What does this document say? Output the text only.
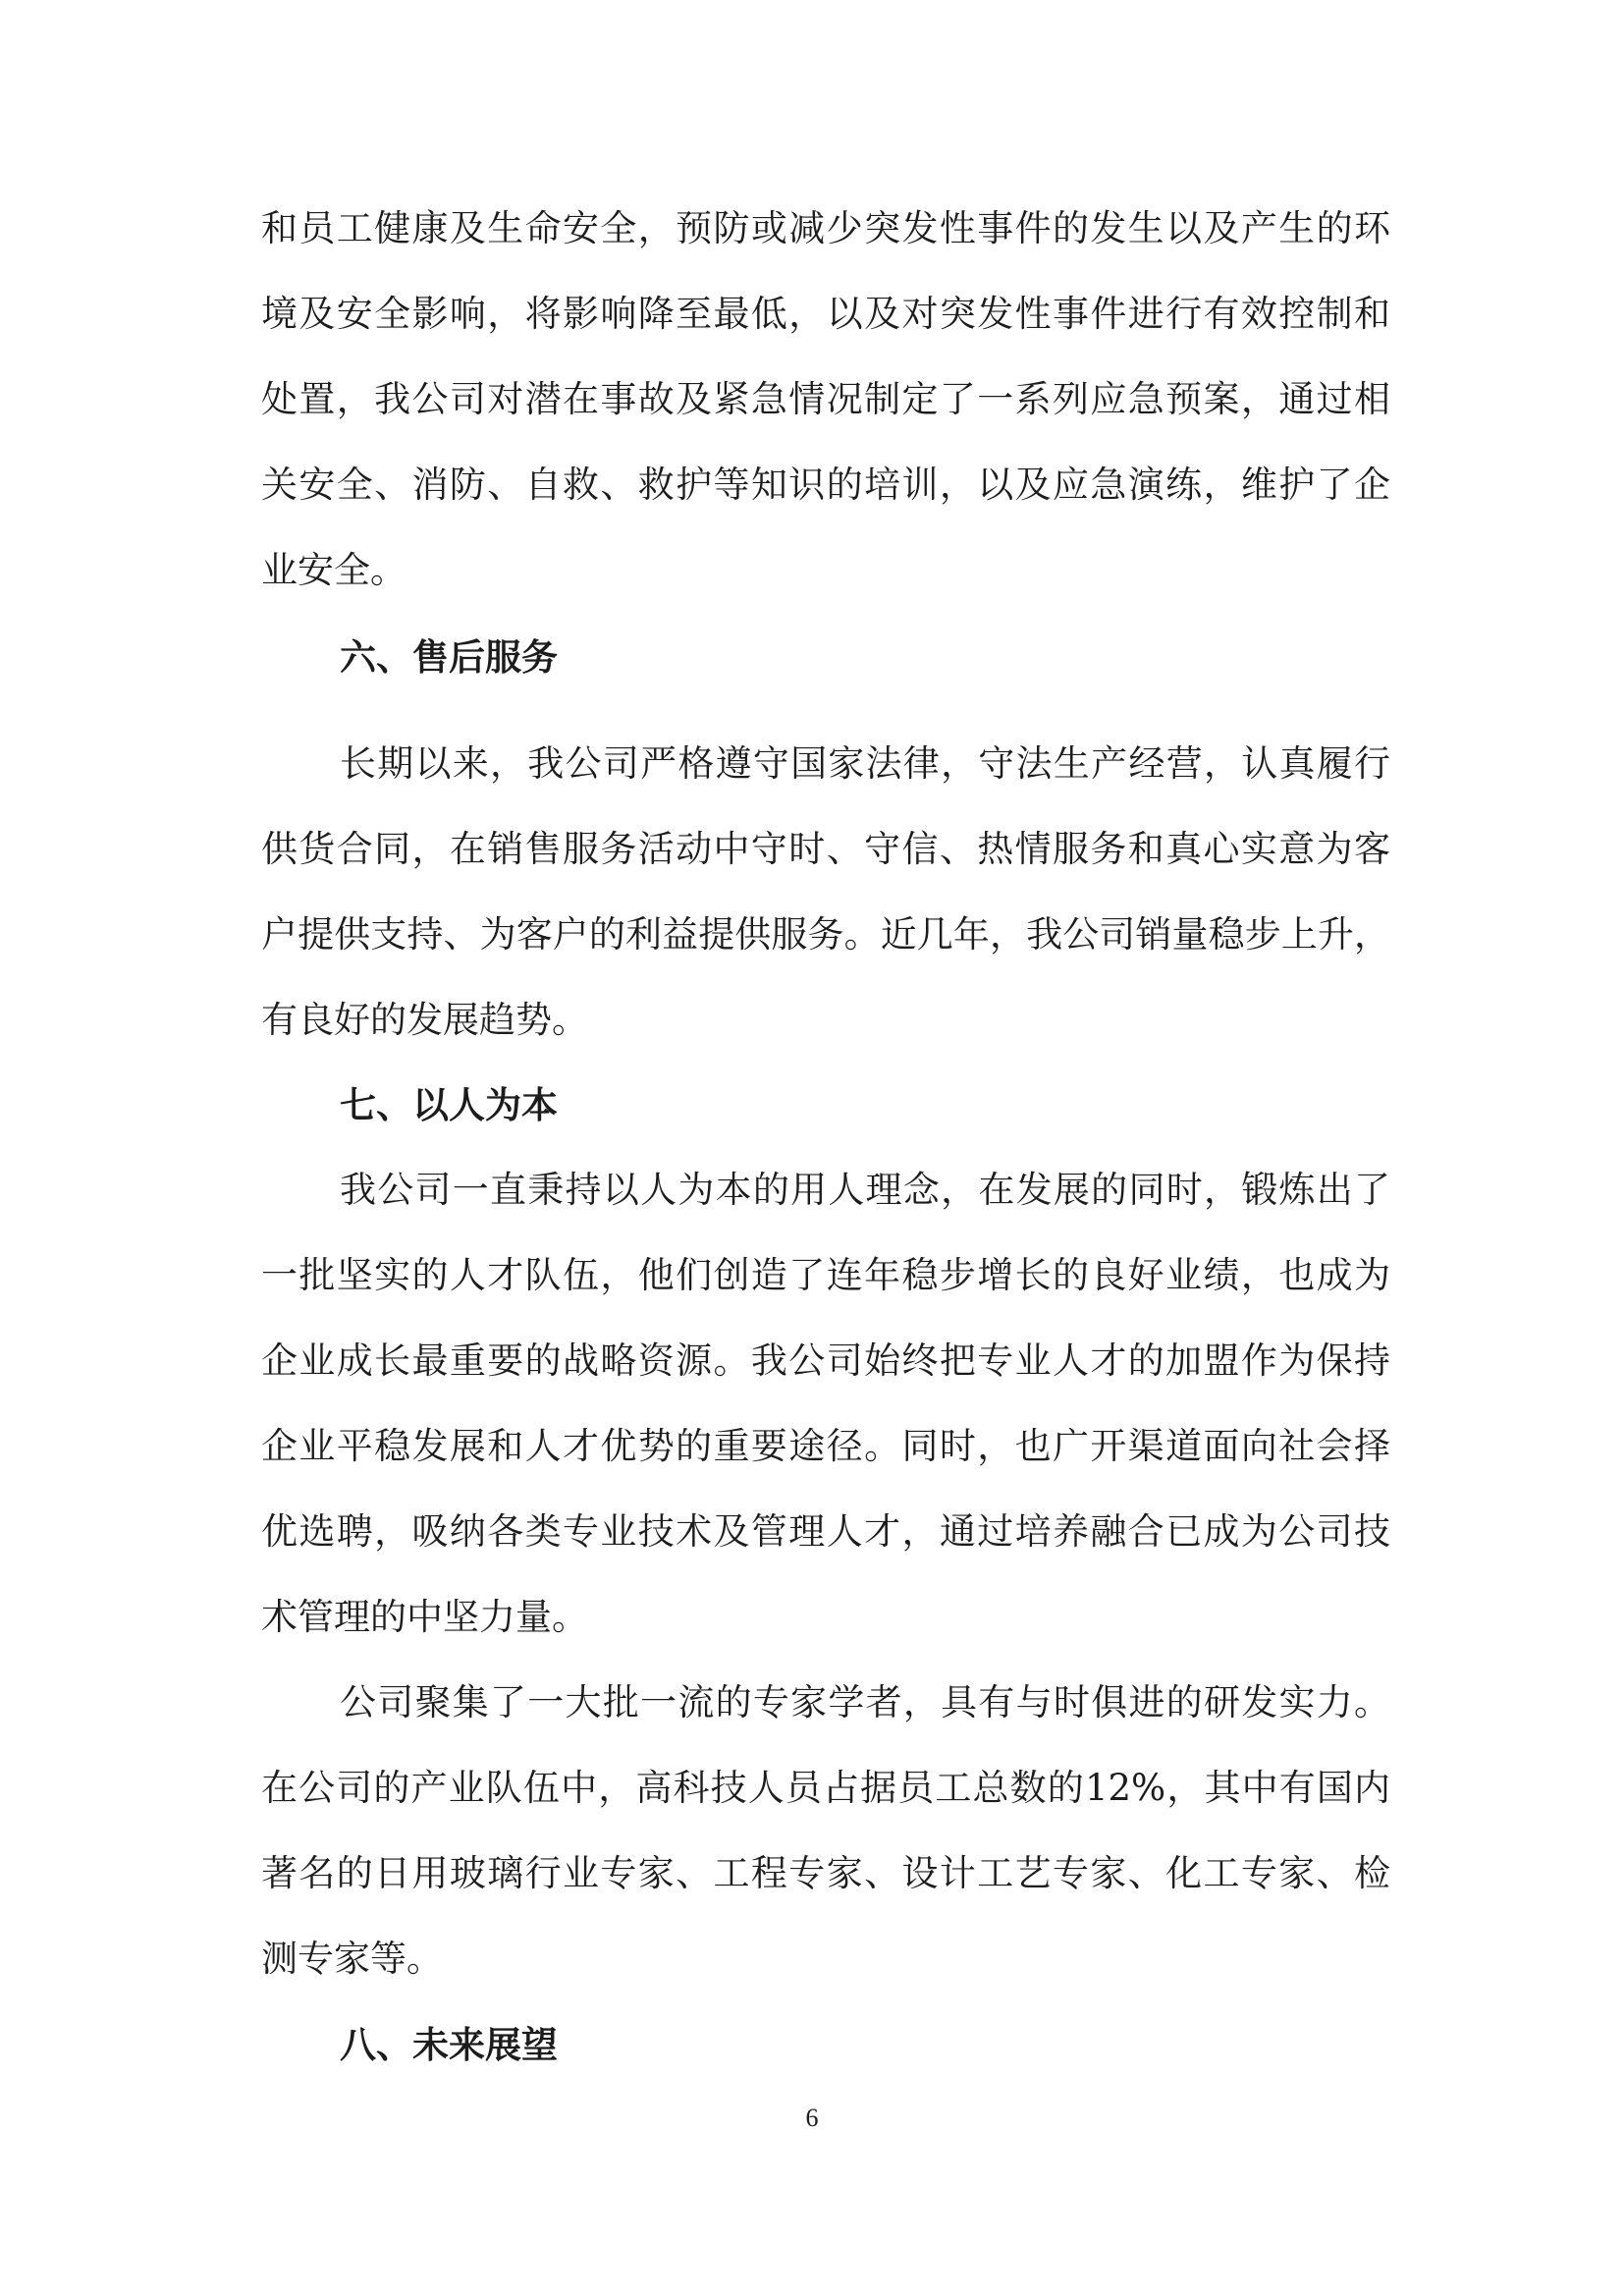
和员工健康及生命安全，预防或减少突发性事件的发生以及产生的环
境及安全影响，将影响降至最低，以及对突发性事件进行有效控制和
处置，我公司对潜在事故及紧急情况制定了一系列应急预案，通过相
关安全、消防、自救、救护等知识的培训，以及应急演练，维护了企
业安全。
六、售后服务
长期以来，我公司严格遵守国家法律，守法生产经营，认真履行
供货合同，在销售服务活动中守时、守信、热情服务和真心实意为客
户提供支持、为客户的利益提供服务。近几年，我公司销量稳步上升，
有良好的发展趋势。
七、以人为本
我公司一直秉持以人为本的用人理念，在发展的同时，锻炼出了
一批坚实的人才队伍，他们创造了连年稳步增长的良好业绩，也成为
企业成长最重要的战略资源。我公司始终把专业人才的加盟作为保持
企业平稳发展和人才优势的重要途径。同时，也广开渠道面向社会择
优选聘，吸纳各类专业技术及管理人才，通过培养融合已成为公司技
术管理的中坚力量。
公司聚集了一大批一流的专家学者，具有与时俱进的研发实力。
在公司的产业队伍中，高科技人员占据员工总数的12%，其中有国内
著名的日用玻璃行业专家、工程专家、设计工艺专家、化工专家、检
测专家等。
八、未来展望
6
